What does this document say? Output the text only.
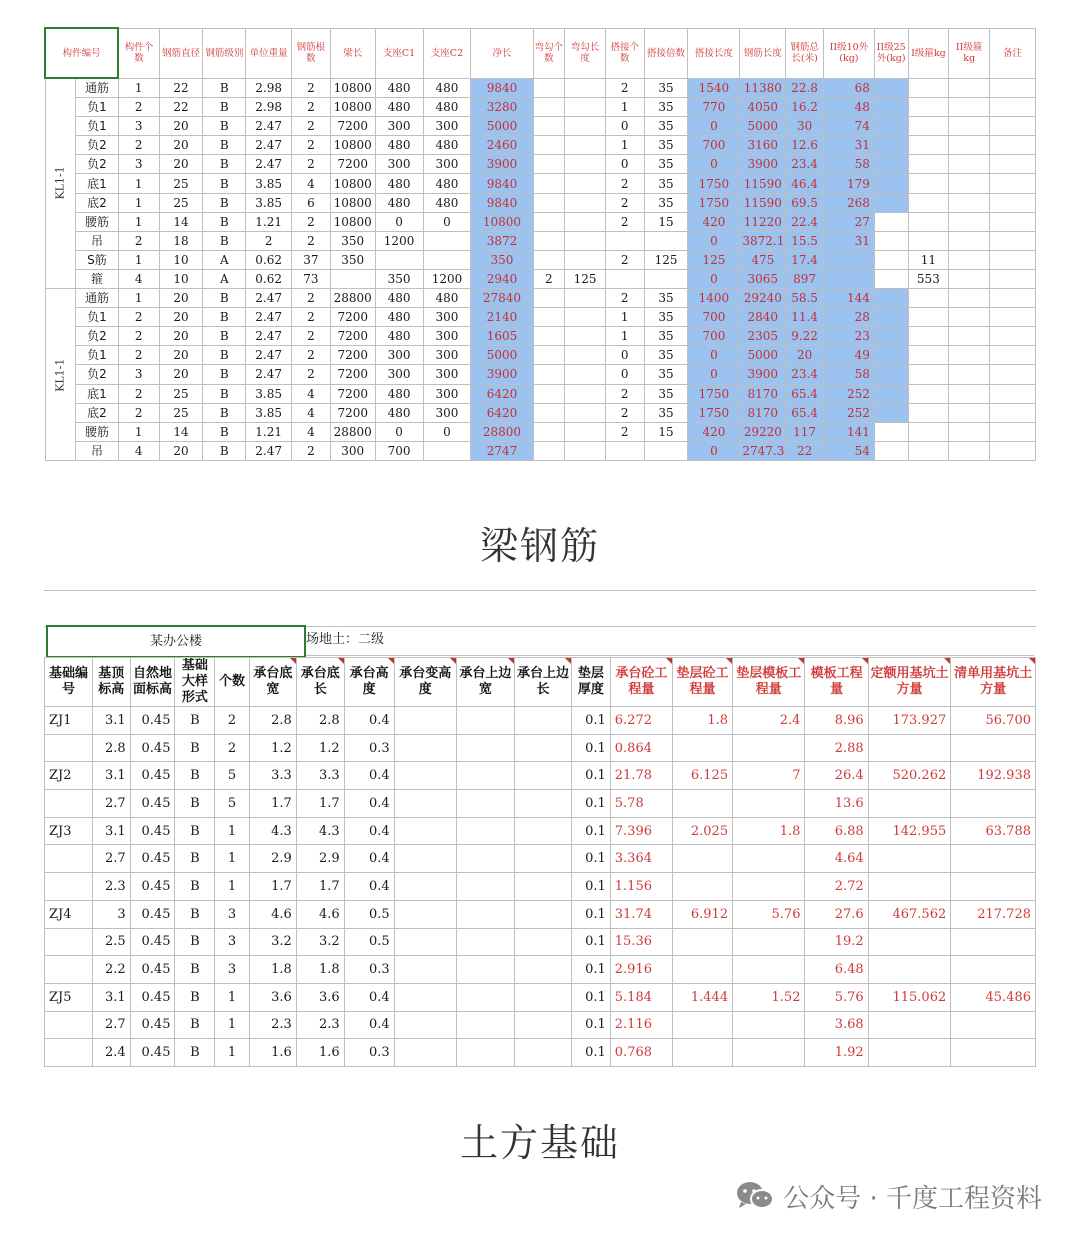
构件编号		构件个数	钢筋直径	钢筋级别	单位重量	钢筋根数	梁长	支座C1	支座C2	净长	弯勾个数	弯勾长度	搭接个数	搭接倍数	搭接长度	钢筋长度	钢筋总长(米)	II级10外(kg)	II级25外(kg)	I级箍kg	II级箍kg	备注
KL1-1	通筋	1	22	B	2.98	2	10800	480	480	9840			2	35	1540	11380	22.8	68				
	负1	2	22	B	2.98	2	10800	480	480	3280			1	35	770	4050	16.2	48				
	负1	3	20	B	2.47	2	7200	300	300	5000			0	35	0	5000	30	74				
	负2	2	20	B	2.47	2	10800	480	480	2460			1	35	700	3160	12.6	31				
	负2	3	20	B	2.47	2	7200	300	300	3900			0	35	0	3900	23.4	58				
	底1	1	25	B	3.85	4	10800	480	480	9840			2	35	1750	11590	46.4	179				
	底2	1	25	B	3.85	6	10800	480	480	9840			2	35	1750	11590	69.5	268				
	腰筋	1	14	B	1.21	2	10800	0	0	10800			2	15	420	11220	22.4	27				
	吊	2	18	B	2	2	350	1200		3872					0	3872.1	15.5	31				
	S筋	1	10	A	0.62	37	350			350			2	125	125	475	17.4			11		
	箍	4	10	A	0.62	73		350	1200	2940	2	125			0	3065	897			553		
KL1-1	通筋	1	20	B	2.47	2	28800	480	480	27840			2	35	1400	29240	58.5	144				
	负1	2	20	B	2.47	2	7200	480	300	2140			1	35	700	2840	11.4	28				
	负2	2	20	B	2.47	2	7200	480	300	1605			1	35	700	2305	9.22	23				
	负1	2	20	B	2.47	2	7200	300	300	5000			0	35	0	5000	20	49				
	负2	3	20	B	2.47	2	7200	300	300	3900			0	35	0	3900	23.4	58				
	底1	2	25	B	3.85	4	7200	480	300	6420			2	35	1750	8170	65.4	252				
	底2	2	25	B	3.85	4	7200	480	300	6420			2	35	1750	8170	65.4	252				
	腰筋	1	14	B	1.21	4	28800	0	0	28800			2	15	420	29220	117	141				
	吊	4	20	B	2.47	2	300	700		2747					0	2747.3	22	54				
梁钢筋
某办公楼	场地土：二级
基础编号	基顶标高	自然地面标高	基础大样形式	个数	承台底宽	承台底长	承台高度	承台变高度	承台上边宽	承台上边长	垫层厚度	承台砼工程量	垫层砼工程量	垫层模板工程量	模板工程量	定额用基坑土方量	清单用基坑土方量
ZJ1	3.1	0.45	B	2	2.8	2.8	0.4				0.1	6.272	1.8	2.4	8.96	173.927	56.700
	2.8	0.45	B	2	1.2	1.2	0.3				0.1	0.864			2.88		
ZJ2	3.1	0.45	B	5	3.3	3.3	0.4				0.1	21.78	6.125	7	26.4	520.262	192.938
	2.7	0.45	B	5	1.7	1.7	0.4				0.1	5.78			13.6		
ZJ3	3.1	0.45	B	1	4.3	4.3	0.4				0.1	7.396	2.025	1.8	6.88	142.955	63.788
	2.7	0.45	B	1	2.9	2.9	0.4				0.1	3.364			4.64		
	2.3	0.45	B	1	1.7	1.7	0.4				0.1	1.156			2.72		
ZJ4	3	0.45	B	3	4.6	4.6	0.5				0.1	31.74	6.912	5.76	27.6	467.562	217.728
	2.5	0.45	B	3	3.2	3.2	0.5				0.1	15.36			19.2		
	2.2	0.45	B	3	1.8	1.8	0.3				0.1	2.916			6.48		
ZJ5	3.1	0.45	B	1	3.6	3.6	0.4				0.1	5.184	1.444	1.52	5.76	115.062	45.486
	2.7	0.45	B	1	2.3	2.3	0.4				0.1	2.116			3.68		
	2.4	0.45	B	1	1.6	1.6	0.3				0.1	0.768			1.92		
土方基础
公众号 · 千度工程资料
